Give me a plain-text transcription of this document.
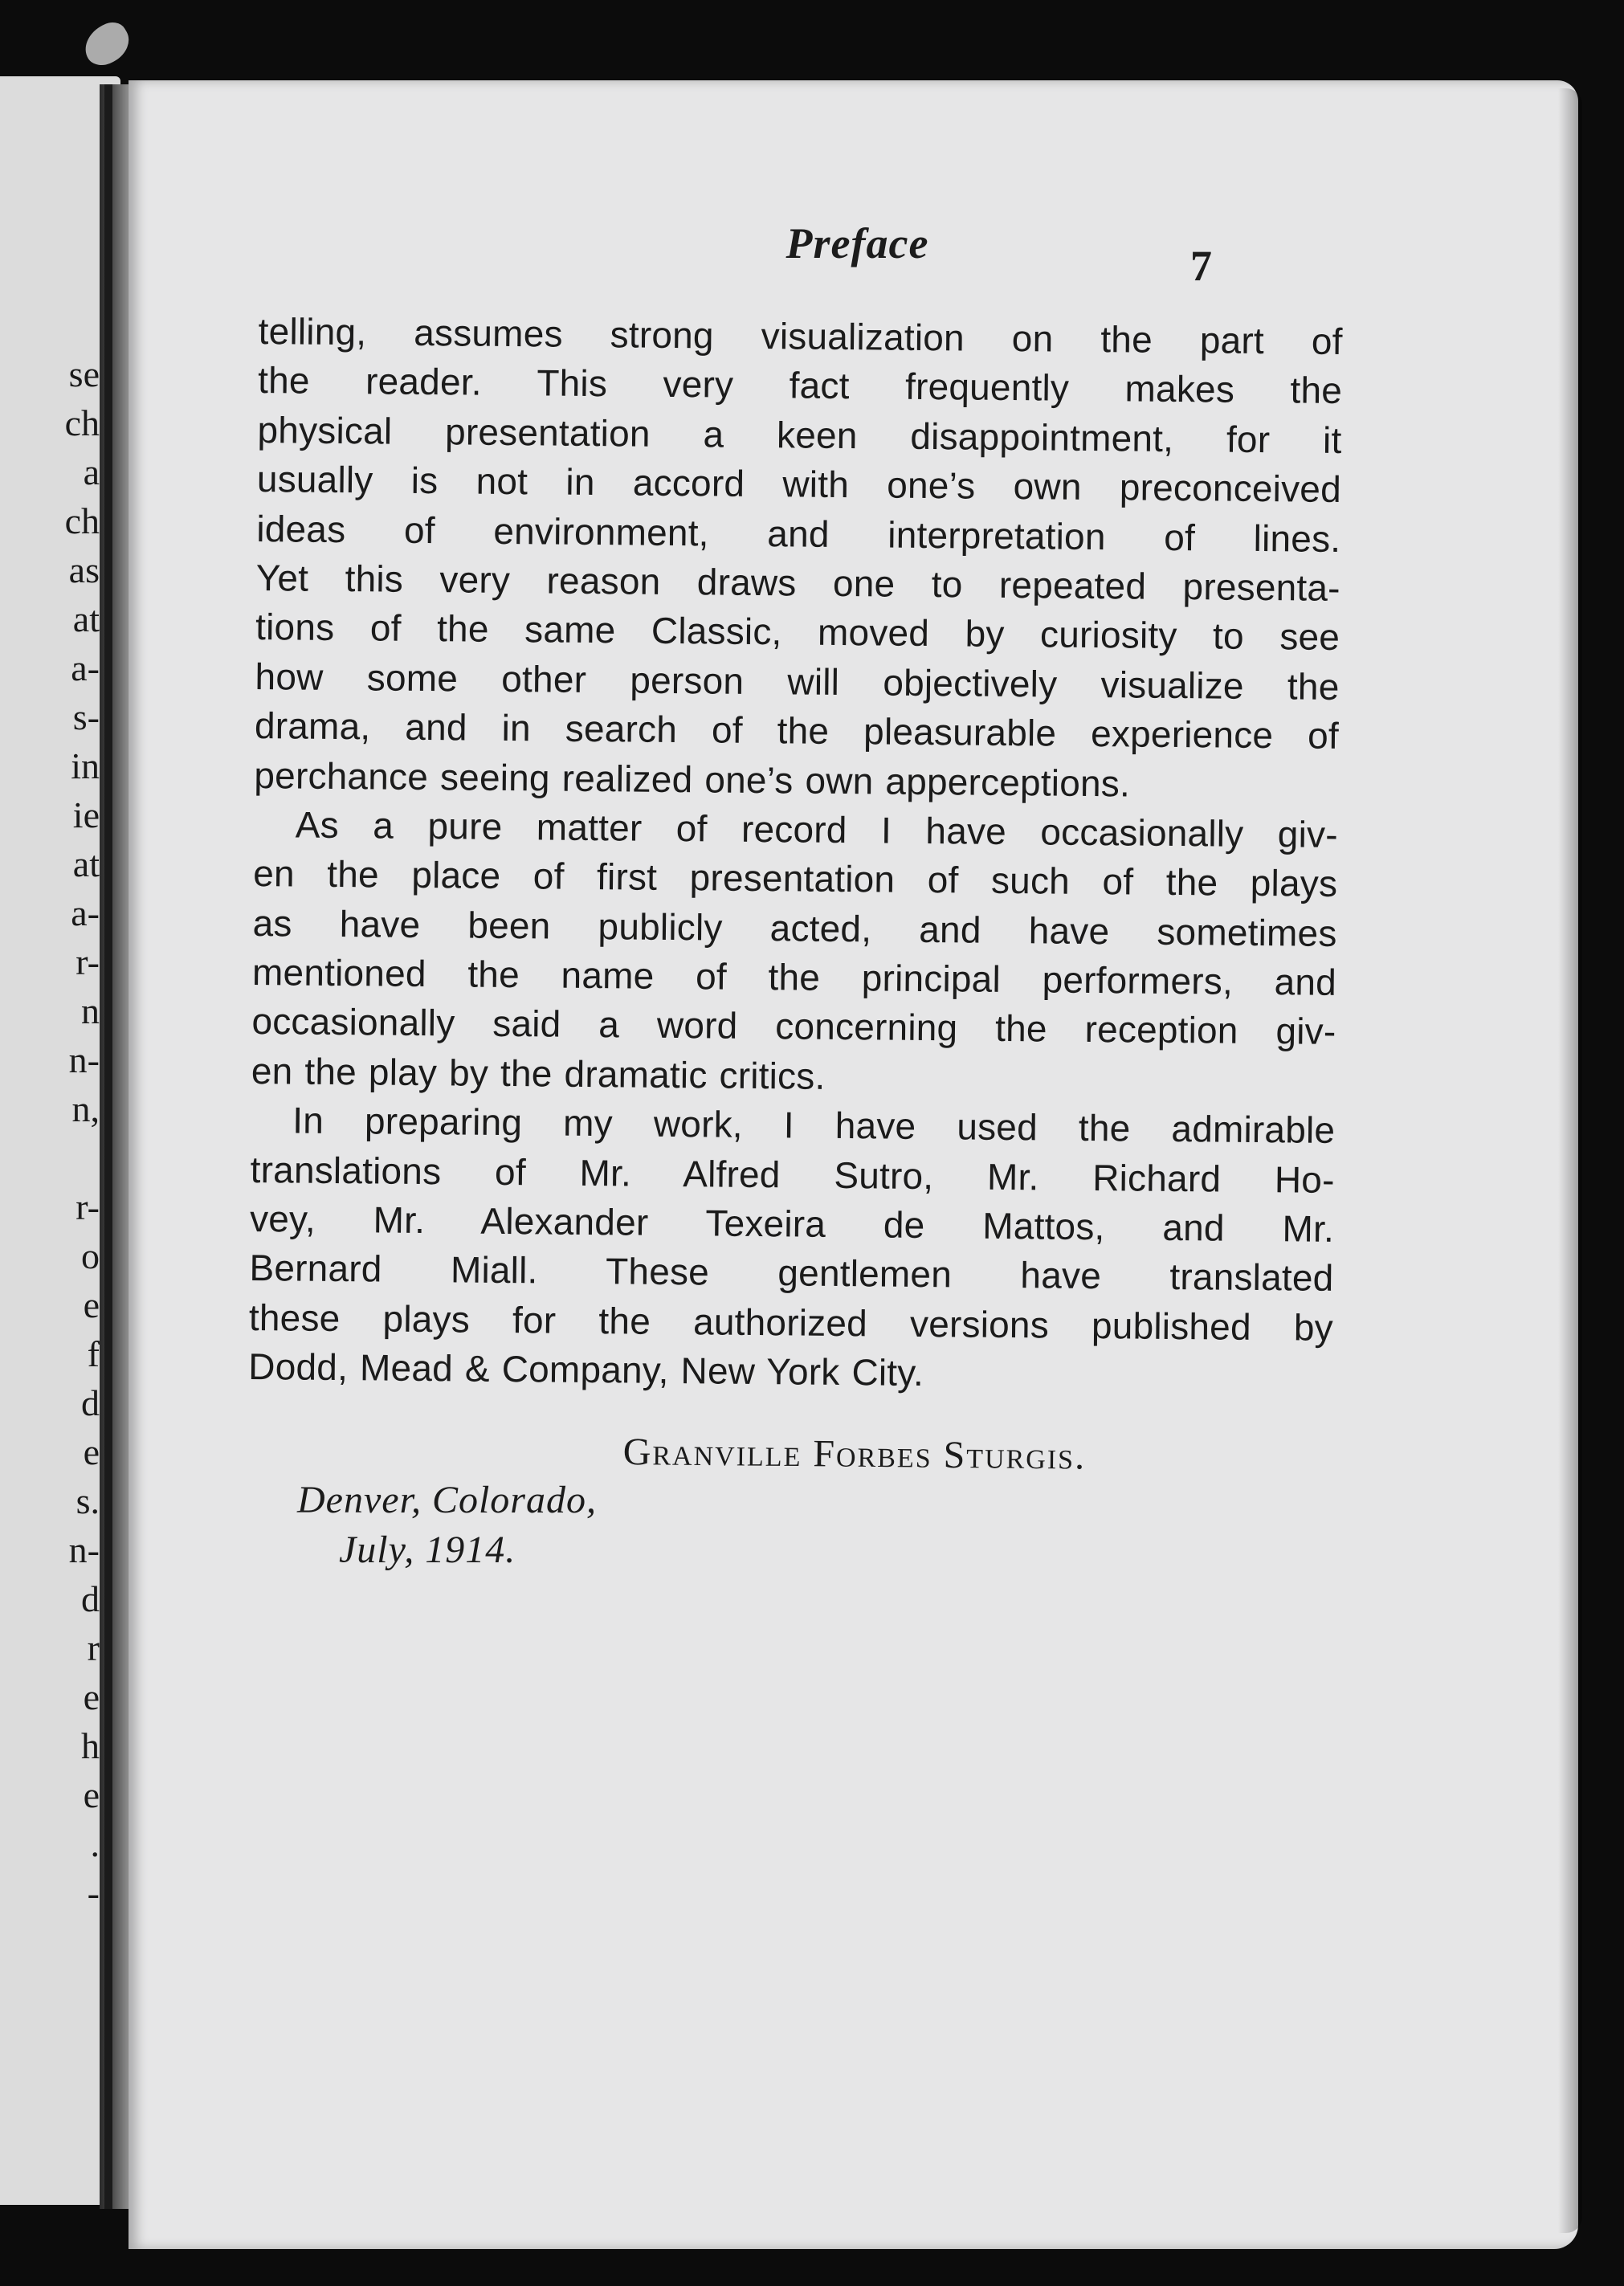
se
ch
a
ch
as
at
a-
s-
in
ie
at
a-
r-
n
n-
n,
r-
o
e
f
d
e
s.
n-
d
r
e
h
e
.
-
Preface	7
telling, assumes strong visualization on the part of
the reader. This very fact frequently makes the
physical presentation a keen disappointment, for it
usually is not in accord with one’s own preconceived
ideas of environment, and interpretation of lines.
Yet this very reason draws one to repeated presenta-
tions of the same Classic, moved by curiosity to see
how some other person will objectively visualize the
drama, and in search of the pleasurable experience of
perchance seeing realized one’s own apperceptions.
As a pure matter of record I have occasionally giv-
en the place of first presentation of such of the plays
as have been publicly acted, and have sometimes
mentioned the name of the principal performers, and
occasionally said a word concerning the reception giv-
en the play by the dramatic critics.
In preparing my work, I have used the admirable
translations of Mr. Alfred Sutro, Mr. Richard Ho-
vey, Mr. Alexander Texeira de Mattos, and Mr.
Bernard Miall. These gentlemen have translated
these plays for the authorized versions published by
Dodd, Mead & Company, New York City.
Granville Forbes Sturgis.
Denver, Colorado,
July, 1914.
